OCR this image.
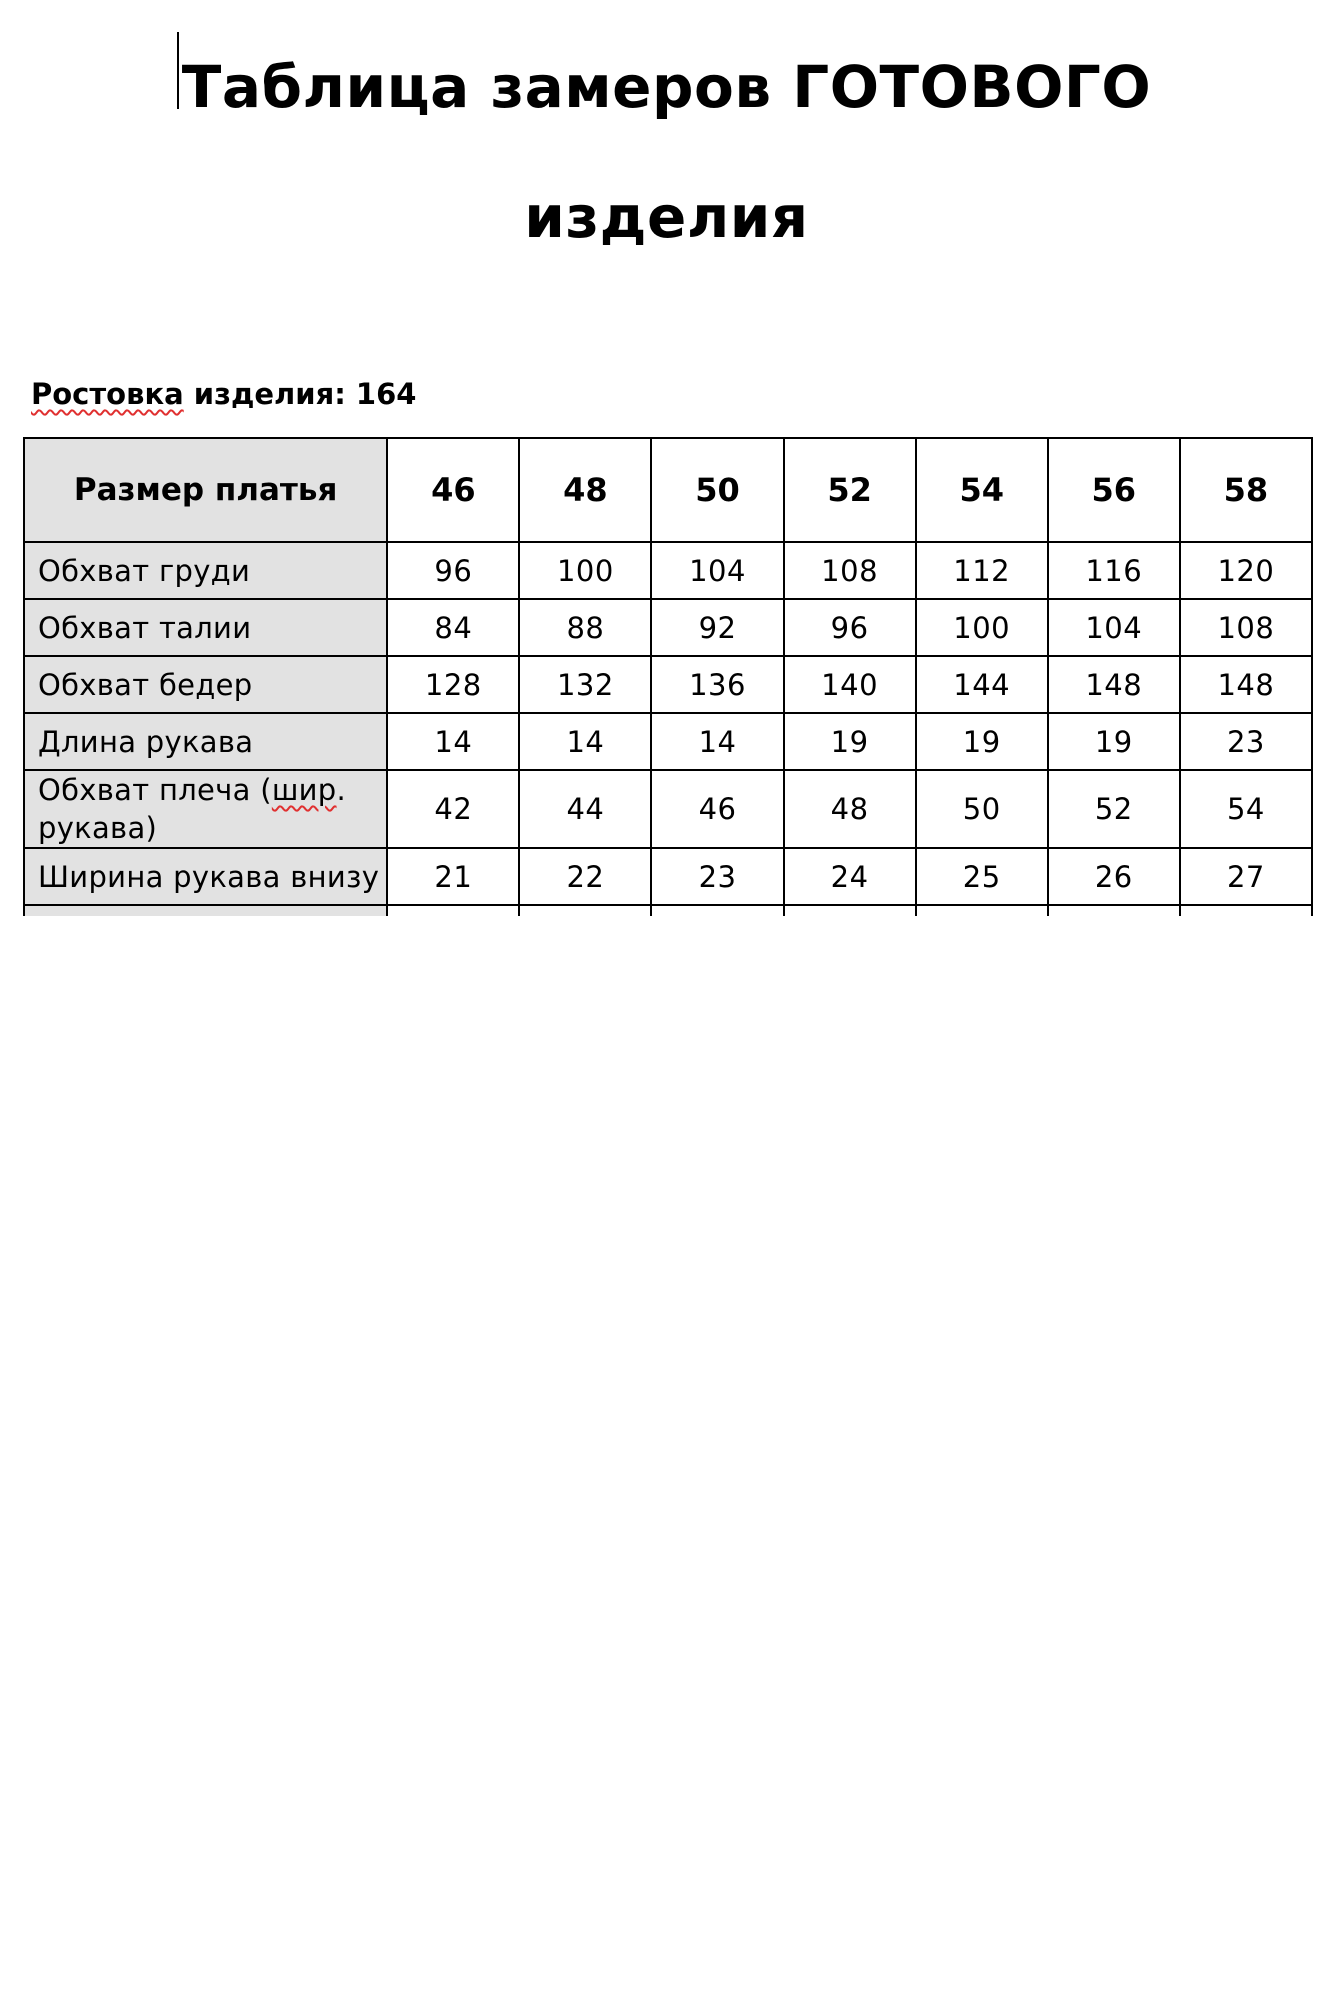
Таблица замеров ГОТОВОГО
изделия
Ростовка изделия: 164
Размер платья	46	48	50	52	54	56	58
Обхват груди	96	100	104	108	112	116	120
Обхват талии	84	88	92	96	100	104	108
Обхват бедер	128	132	136	140	144	148	148
Длина рукава	14	14	14	19	19	19	23
Обхват плеча (шир.
рукава)	42	44	46	48	50	52	54
Ширина рукава внизу	21	22	23	24	25	26	27
